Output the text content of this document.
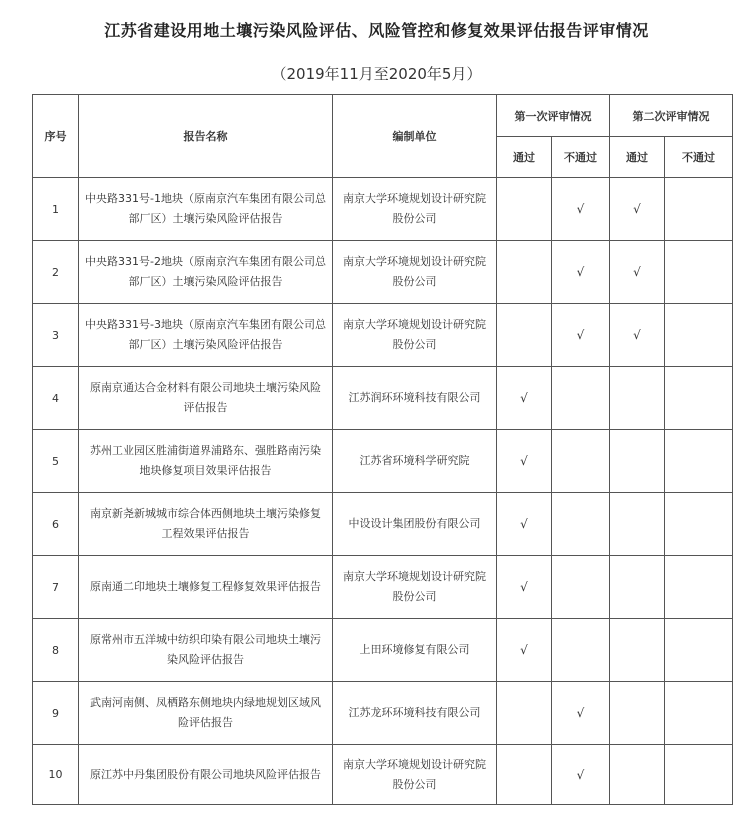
江苏省建设用地土壤污染风险评估、风险管控和修复效果评估报告评审情况
（2019年11月至2020年5月）
序号	报告名称	编制单位	第一次评审情况		第二次评审情况	
			通过	不通过	通过	不通过
1	中央路331号-1地块（原南京汽车集团有限公司总部厂区）土壤污染风险评估报告	南京大学环境规划设计研究院股份公司		√	√	
2	中央路331号-2地块（原南京汽车集团有限公司总部厂区）土壤污染风险评估报告	南京大学环境规划设计研究院股份公司		√	√	
3	中央路331号-3地块（原南京汽车集团有限公司总部厂区）土壤污染风险评估报告	南京大学环境规划设计研究院股份公司		√	√	
4	原南京通达合金材料有限公司地块土壤污染风险评估报告	江苏润环环境科技有限公司	√			
5	苏州工业园区胜浦街道界浦路东、强胜路南污染地块修复项目效果评估报告	江苏省环境科学研究院	√			
6	南京新尧新城城市综合体西侧地块土壤污染修复工程效果评估报告	中设设计集团股份有限公司	√			
7	原南通二印地块土壤修复工程修复效果评估报告	南京大学环境规划设计研究院股份公司	√			
8	原常州市五洋城中纺织印染有限公司地块土壤污染风险评估报告	上田环境修复有限公司	√			
9	武南河南侧、凤栖路东侧地块内绿地规划区域风险评估报告	江苏龙环环境科技有限公司		√		
10	原江苏中丹集团股份有限公司地块风险评估报告	南京大学环境规划设计研究院股份公司		√		
